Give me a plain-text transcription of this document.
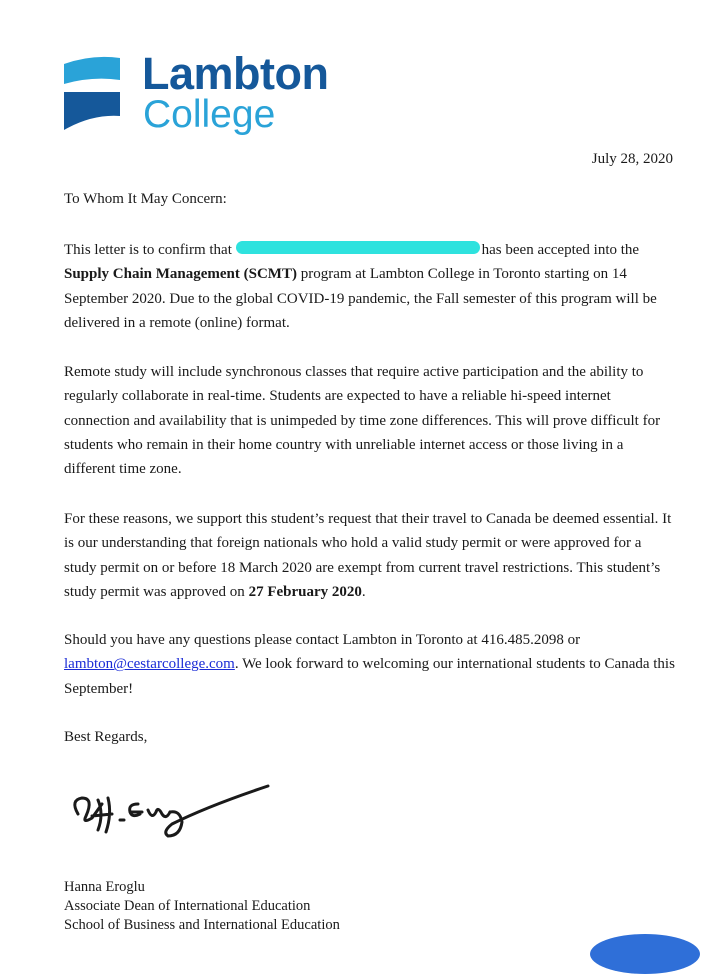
Lambton
College
July 28, 2020
To Whom It May Concern:

This letter is to confirm that	has been accepted into the
Supply Chain Management (SCMT) program at Lambton College in Toronto starting on 14 September 2020. Due to the global COVID-19 pandemic, the Fall semester of this program will be delivered in a remote (online) format.

Remote study will include synchronous classes that require active participation and the ability to regularly collaborate in real-time. Students are expected to have a reliable hi-speed internet connection and availability that is unimpeded by time zone differences. This will prove difficult for students who remain in their home country with unreliable internet access or those living in a different time zone.

For these reasons, we support this student’s request that their travel to Canada be deemed essential. It is our understanding that foreign nationals who hold a valid study permit or were approved for a study permit on or before 18 March 2020 are exempt from current travel restrictions. This student’s study permit was approved on 27 February 2020.

Should you have any questions please contact Lambton in Toronto at 416.485.2098 or lambton@cestarcollege.com. We look forward to welcoming our international students to Canada this September!

Best Regards,
Hanna Eroglu
Associate Dean of International Education
School of Business and International Education
